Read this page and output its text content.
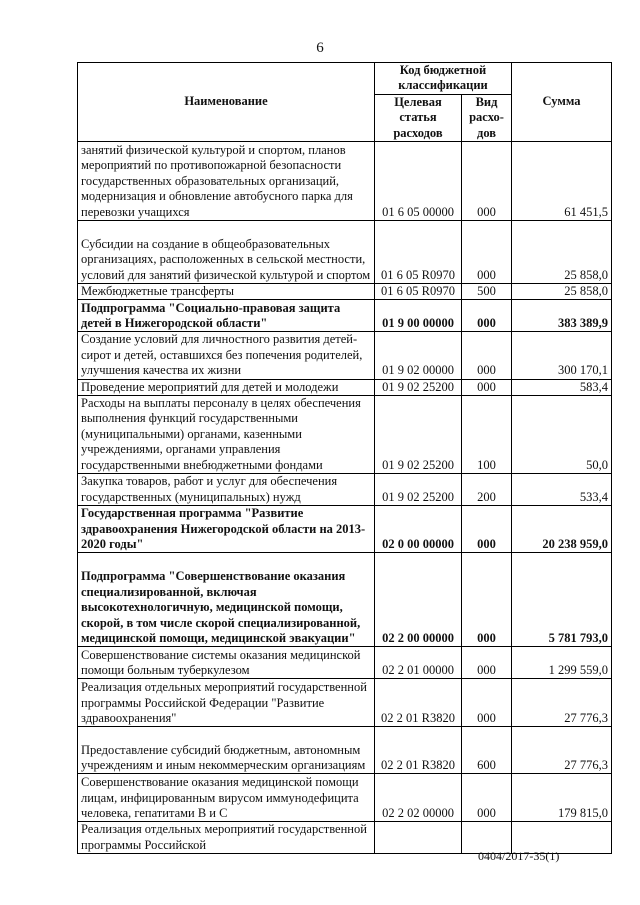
6
Наименование	Код бюджетной классификации		Сумма
	Целевая статья расходов	Вид расхо-дов	
занятий физической культурой и спортом, планов мероприятий по противопожарной безопасности государственных образовательных организаций, модернизация и обновление автобусного парка для перевозки учащихся	01 6 05 00000	000	61 451,5
Субсидии на создание в общеобразовательных организациях, расположенных в сельской местности, условий для занятий физической культурой и спортом	01 6 05 R0970	000	25 858,0
Межбюджетные трансферты	01 6 05 R0970	500	25 858,0
Подпрограмма "Социально-правовая защита детей в Нижегородской области"	01 9 00 00000	000	383 389,9
Создание условий для личностного развития детей-сирот и детей, оставшихся без попечения родителей, улучшения качества их жизни	01 9 02 00000	000	300 170,1
Проведение мероприятий для детей и молодежи	01 9 02 25200	000	583,4
Расходы на выплаты персоналу в целях обеспечения выполнения функций государственными (муниципальными) органами, казенными учреждениями, органами управления государственными внебюджетными фондами	01 9 02 25200	100	50,0
Закупка товаров, работ и услуг для обеспечения государственных (муниципальных) нужд	01 9 02 25200	200	533,4
Государственная программа "Развитие здравоохранения Нижегородской области на 2013-2020 годы"	02 0 00 00000	000	20 238 959,0
Подпрограмма "Совершенствование оказания специализированной, включая высокотехнологичную, медицинской помощи, скорой, в том числе скорой специализированной, медицинской помощи, медицинской эвакуации"	02 2 00 00000	000	5 781 793,0
Совершенствование системы оказания медицинской помощи больным туберкулезом	02 2 01 00000	000	1 299 559,0
Реализация отдельных мероприятий государственной программы Российской Федерации "Развитие здравоохранения"	02 2 01 R3820	000	27 776,3
Предоставление субсидий бюджетным, автономным учреждениям и иным некоммерческим организациям	02 2 01 R3820	600	27 776,3
Совершенствование оказания медицинской помощи лицам, инфицированным вирусом иммунодефицита человека, гепатитами В и С	02 2 02 00000	000	179 815,0
Реализация отдельных мероприятий государственной программы Российской			
0404/2017-35(1)
